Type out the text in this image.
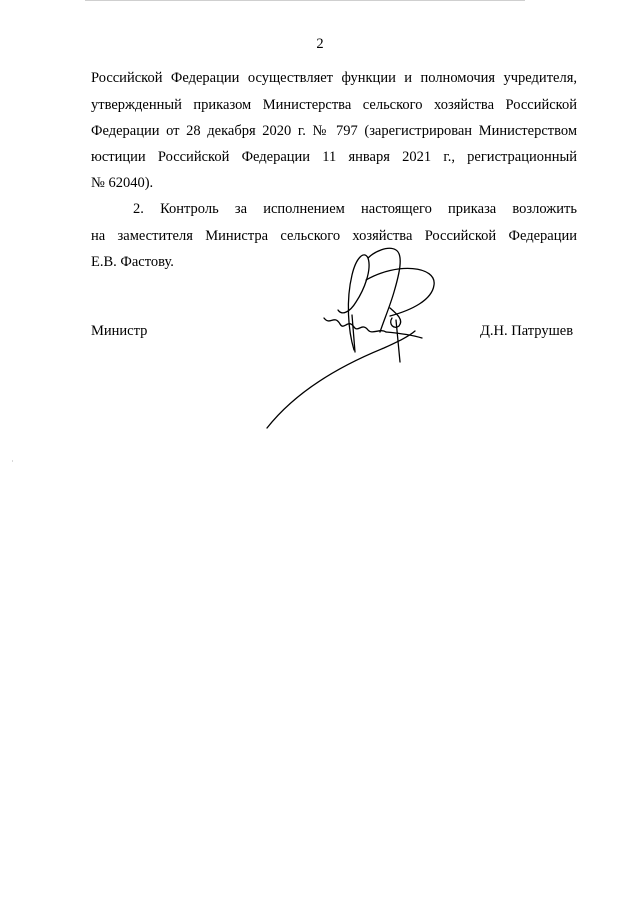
2
Российской Федерации осуществляет функции и полномочия учредителя,
утвержденный приказом Министерства сельского хозяйства Российской
Федерации от 28 декабря 2020 г. № 797 (зарегистрирован Министерством
юстиции Российской Федерации 11 января 2021 г., регистрационный
№ 62040).
2. Контроль за исполнением настоящего приказа возложить
на заместителя Министра сельского хозяйства Российской Федерации
Е.В. Фастову.
Министр	Д.Н. Патрушев
